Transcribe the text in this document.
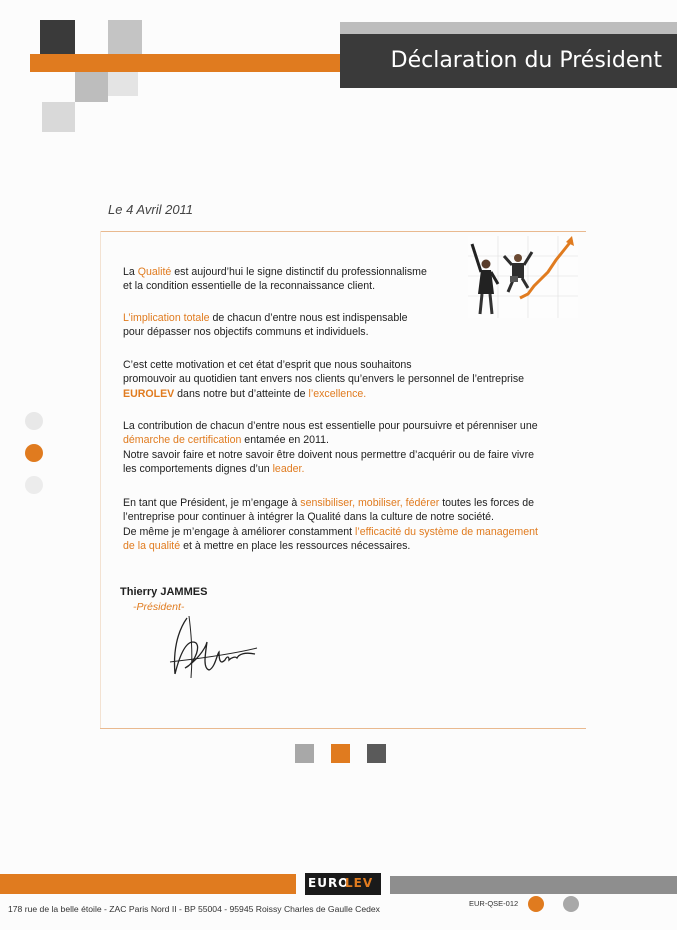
Déclaration du Président
Le 4 Avril 2011
La Qualité est aujourd’hui le signe distinctif du professionnalisme
et la condition essentielle de la reconnaissance client.
L’implication totale de chacun d’entre nous est indispensable
pour dépasser nos objectifs communs et individuels.
C’est cette motivation et cet état d’esprit que nous souhaitons
promouvoir au quotidien tant envers nos clients qu’envers le personnel de l’entreprise
EUROLEV dans notre but d’atteinte de l’excellence.
La contribution de chacun d’entre nous est essentielle pour poursuivre et pérenniser une
démarche de certification entamée en 2011.
Notre savoir faire et notre savoir être doivent nous permettre d’acquérir ou de faire vivre
les comportements dignes d’un leader.
En tant que Président, je m’engage à sensibiliser, mobiliser, fédérer toutes les forces de
l’entreprise pour continuer à intégrer la Qualité dans la culture de notre société.
De même je m’engage à améliorer constamment l’efficacité du système de management
de la qualité et à mettre en place les ressources nécessaires.
Thierry JAMMES
-Président-
EURO
LEV
178 rue de la belle étoile - ZAC Paris Nord II - BP 55004 - 95945 Roissy Charles de Gaulle Cedex
EUR-QSE-012
